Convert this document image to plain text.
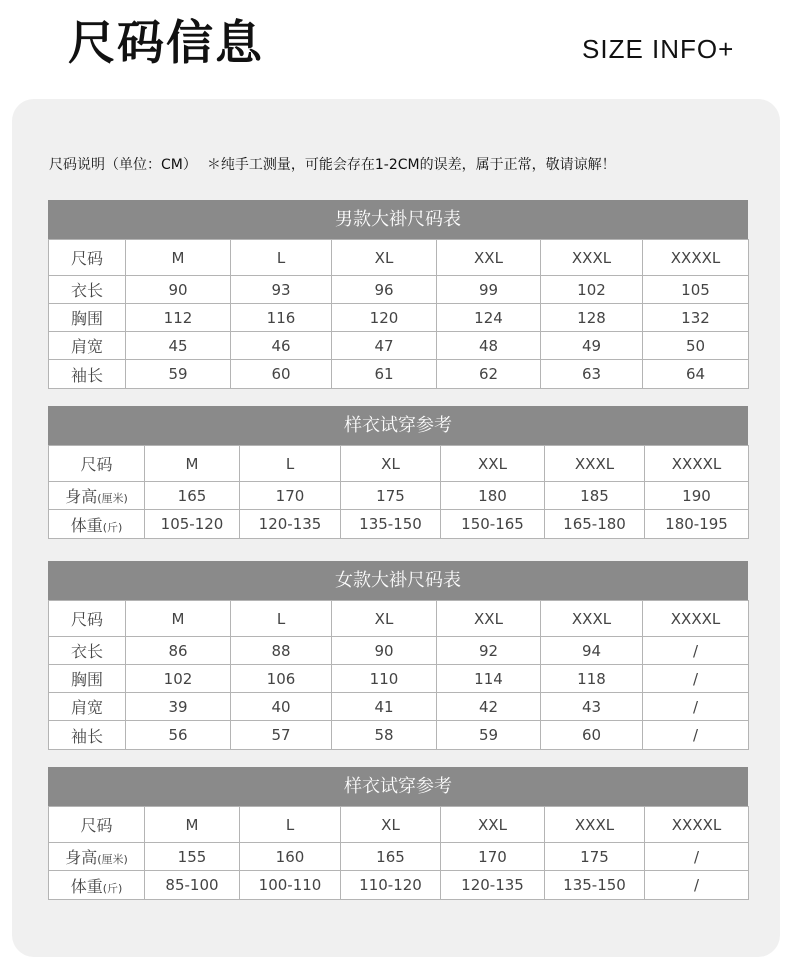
尺码信息	SIZE INFO+
尺码说明（单位：CM） ＊纯手工测量，可能会存在1-2CM的误差，属于正常，敬请谅解！
男款大褂尺码表
尺码	M	L	XL	XXL	XXXL	XXXXL
衣长	90	93	96	99	102	105
胸围	112	116	120	124	128	132
肩宽	45	46	47	48	49	50
袖长	59	60	61	62	63	64
样衣试穿参考
尺码	M	L	XL	XXL	XXXL	XXXXL
身高(厘米)	165	170	175	180	185	190
体重(斤)	105-120	120-135	135-150	150-165	165-180	180-195
女款大褂尺码表
尺码	M	L	XL	XXL	XXXL	XXXXL
衣长	86	88	90	92	94	/
胸围	102	106	110	114	118	/
肩宽	39	40	41	42	43	/
袖长	56	57	58	59	60	/
样衣试穿参考
尺码	M	L	XL	XXL	XXXL	XXXXL
身高(厘米)	155	160	165	170	175	/
体重(斤)	85-100	100-110	110-120	120-135	135-150	/
